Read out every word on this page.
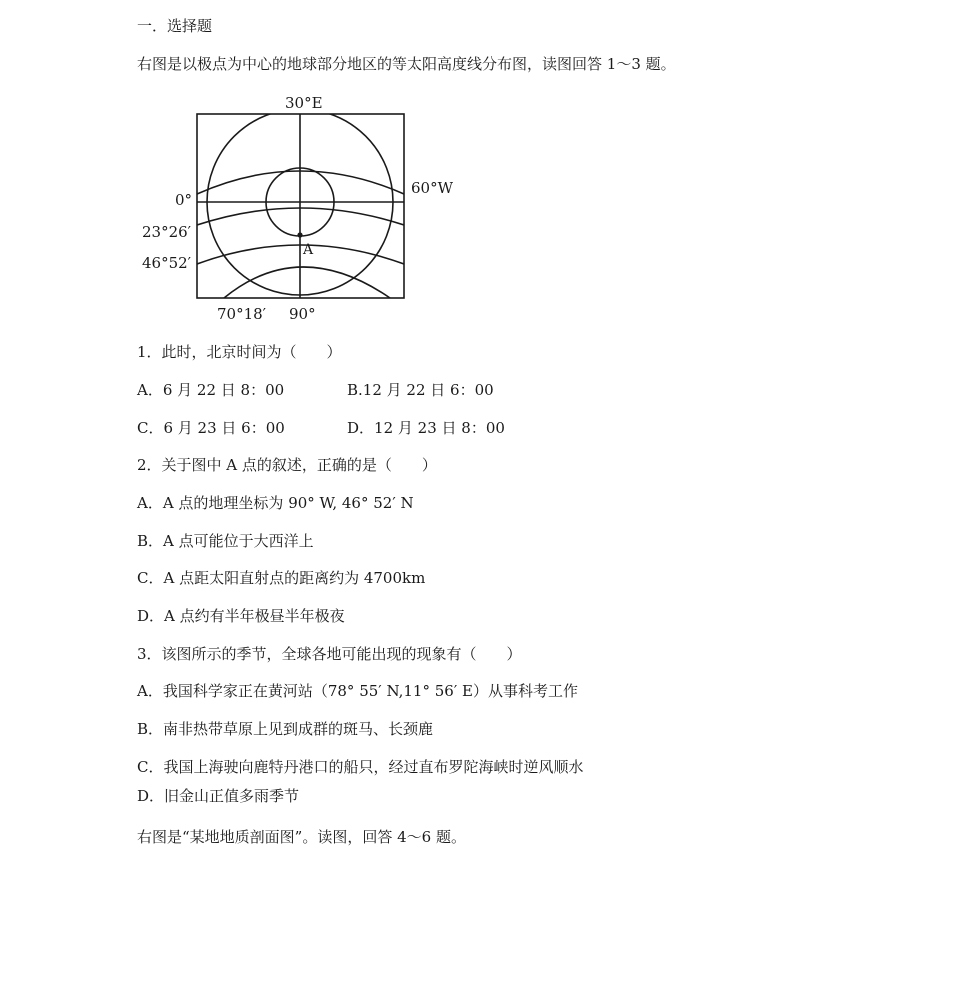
一．选择题
右图是以极点为中心的地球部分地区的等太阳高度线分布图，读图回答 1～3 题。
30°E
60°W
0°
23°26′
46°52′
70°18′ 90°
A
1．此时，北京时间为（　　）
A．6 月 22 日 8：00	B.12 月 22 日 6：00
C．6 月 23 日 6：00	D．12 月 23 日 8：00
2．关于图中 A 点的叙述，正确的是（　　）
A．A 点的地理坐标为 90° W, 46° 52′ N
B．A 点可能位于大西洋上
C．A 点距太阳直射点的距离约为 4700km
D．A 点约有半年极昼半年极夜
3．该图所示的季节，全球各地可能出现的现象有（　　）
A．我国科学家正在黄河站（78° 55′ N,11° 56′ E）从事科考工作
B．南非热带草原上见到成群的斑马、长颈鹿
C．我国上海驶向鹿特丹港口的船只，经过直布罗陀海峡时逆风顺水
D．旧金山正值多雨季节
右图是“某地地质剖面图”。读图，回答 4～6 题。
